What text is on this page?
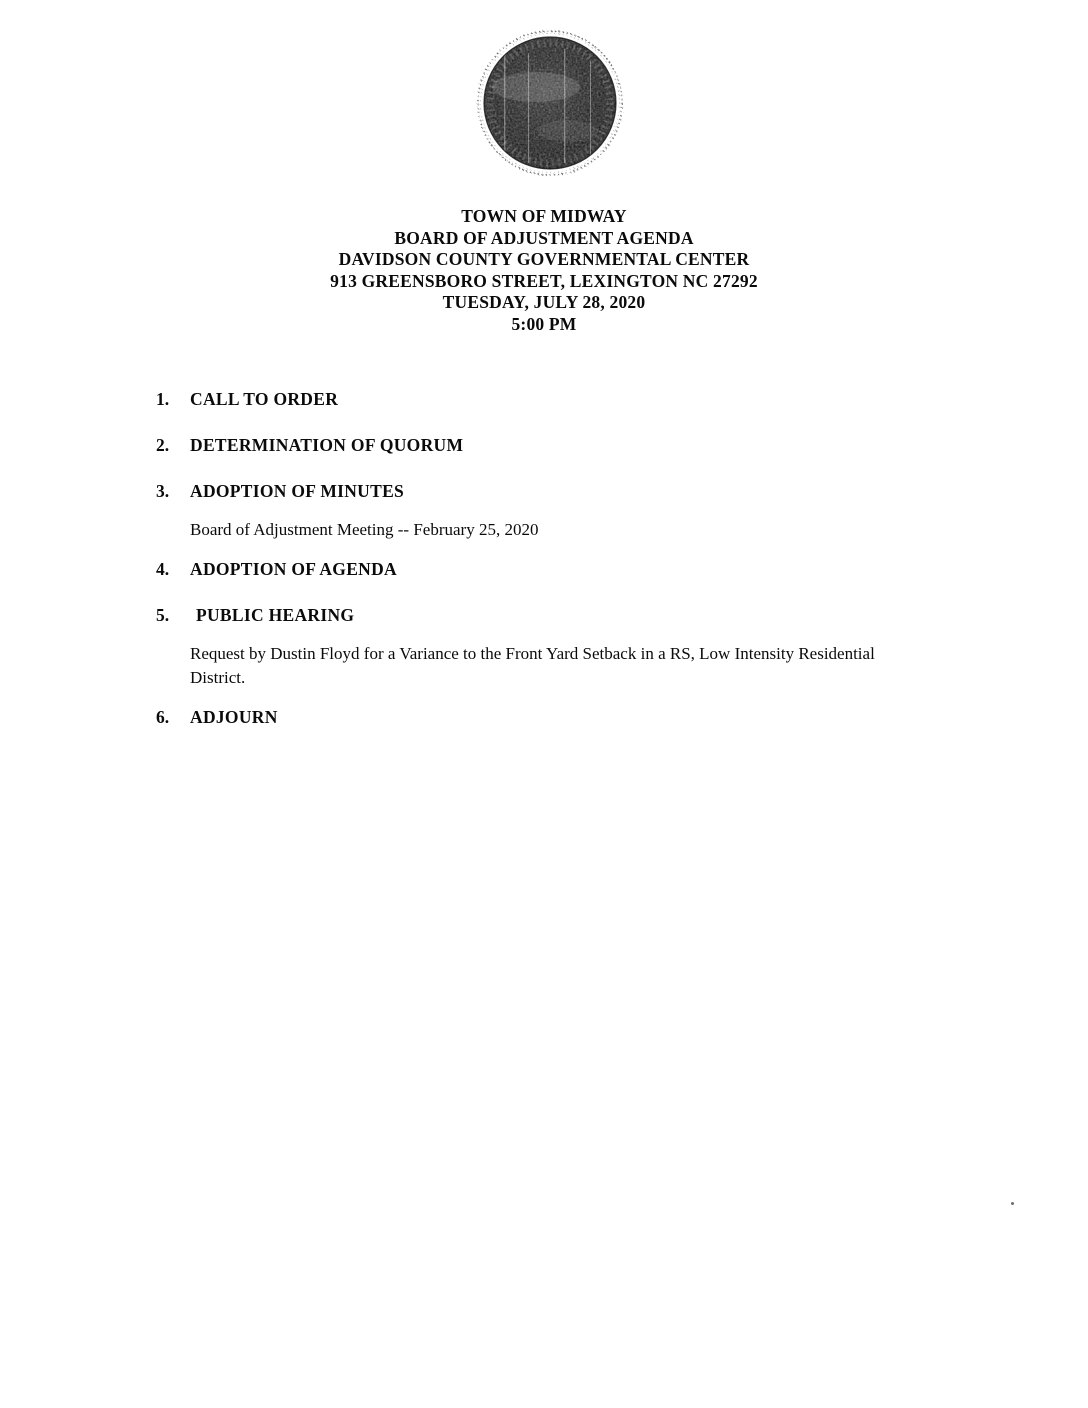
TOWN OF MIDWAY
BOARD OF ADJUSTMENT AGENDA
DAVIDSON COUNTY GOVERNMENTAL CENTER
913 GREENSBORO STREET, LEXINGTON NC 27292
TUESDAY, JULY 28, 2020
5:00 PM
1.	CALL TO ORDER
2.	DETERMINATION OF QUORUM
3.	ADOPTION OF MINUTES
Board of Adjustment Meeting -- February 25, 2020
4.	ADOPTION OF AGENDA
5.	PUBLIC HEARING
Request by Dustin Floyd for a Variance to the Front Yard Setback in a RS, Low Intensity Residential District.
6.	ADJOURN
